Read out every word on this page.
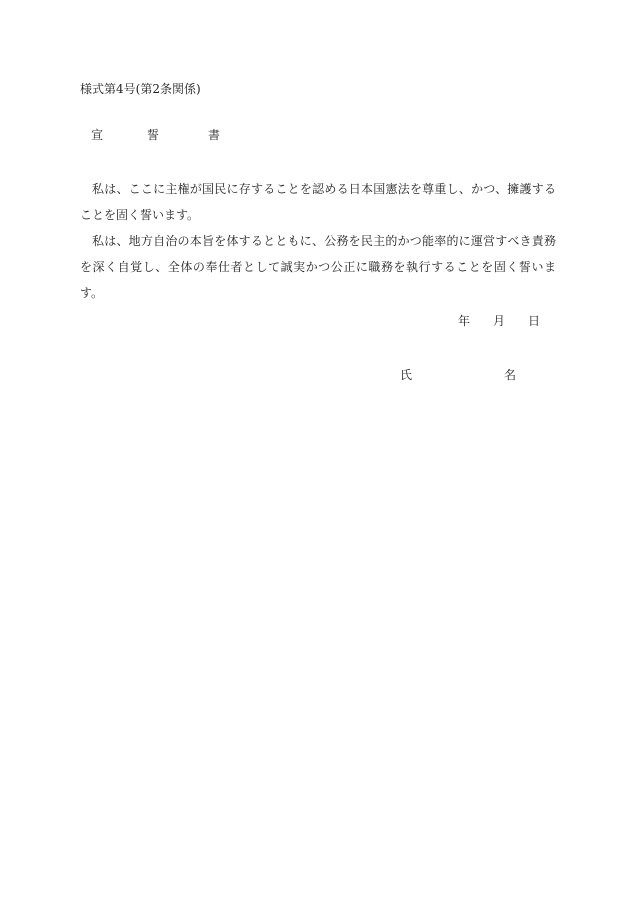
様式第4号(第2条関係)
宣	誓	書

私は、ここに主権が国民に存することを認める日本国憲法を尊重し、かつ、擁護することを固く誓います。

私は、地方自治の本旨を体するとともに、公務を民主的かつ能率的に運営すべき責務を深く自覚し、全体の奉仕者として誠実かつ公正に職務を執行することを固く誓います。

年 月 日
氏	名
